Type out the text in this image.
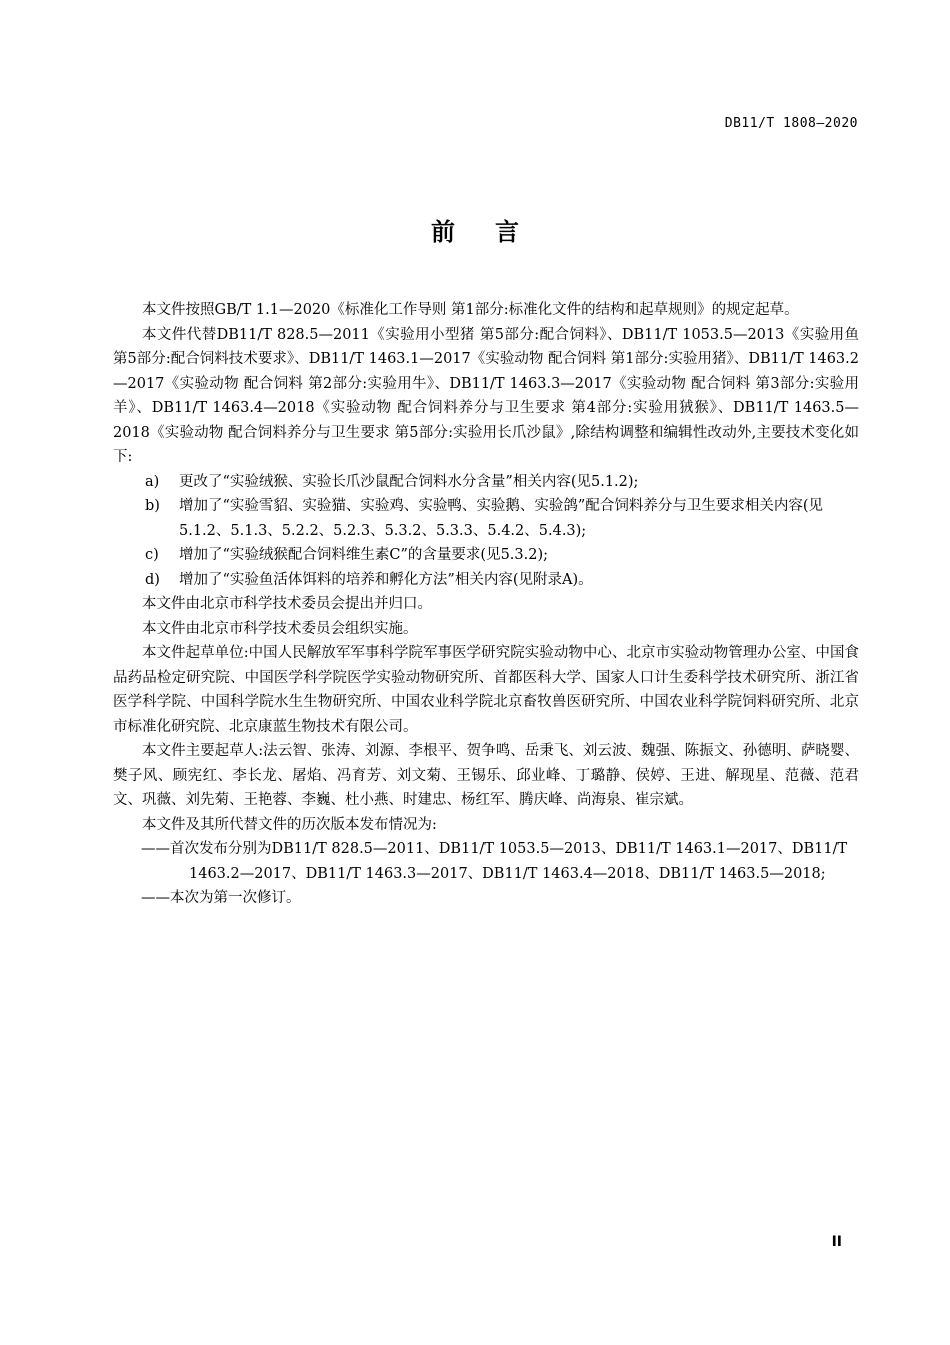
DB11/T 1808—2020
前言

本文件按照GB/T 1.1—2020《标准化工作导则 第1部分:标准化文件的结构和起草规则》的规定起草。

本文件代替DB11/T 828.5—2011《实验用小型猪 第5部分:配合饲料》、DB11/T 1053.5—2013《实验用鱼 第5部分:配合饲料技术要求》、DB11/T 1463.1—2017《实验动物 配合饲料 第1部分:实验用猪》、DB11/T 1463.2—2017《实验动物 配合饲料 第2部分:实验用牛》、DB11/T 1463.3—2017《实验动物 配合饲料 第3部分:实验用羊》、DB11/T 1463.4—2018《实验动物 配合饲料养分与卫生要求 第4部分:实验用狨猴》、DB11/T 1463.5—2018《实验动物 配合饲料养分与卫生要求 第5部分:实验用长爪沙鼠》,除结构调整和编辑性改动外,主要技术变化如下:

a) 更改了“实验绒猴、实验长爪沙鼠配合饲料水分含量”相关内容(见5.1.2);

b) 增加了“实验雪貂、实验猫、实验鸡、实验鸭、实验鹅、实验鸽”配合饲料养分与卫生要求相关内容(见5.1.2、5.1.3、5.2.2、5.2.3、5.3.2、5.3.3、5.4.2、5.4.3);

c) 增加了“实验绒猴配合饲料维生素C”的含量要求(见5.3.2);

d) 增加了“实验鱼活体饵料的培养和孵化方法”相关内容(见附录A)。

本文件由北京市科学技术委员会提出并归口。

本文件由北京市科学技术委员会组织实施。

本文件起草单位:中国人民解放军军事科学院军事医学研究院实验动物中心、北京市实验动物管理办公室、中国食品药品检定研究院、中国医学科学院医学实验动物研究所、首都医科大学、国家人口计生委科学技术研究所、浙江省医学科学院、中国科学院水生生物研究所、中国农业科学院北京畜牧兽医研究所、中国农业科学院饲料研究所、北京市标准化研究院、北京康蓝生物技术有限公司。

本文件主要起草人:法云智、张涛、刘源、李根平、贺争鸣、岳秉飞、刘云波、魏强、陈振文、孙德明、萨晓婴、樊子风、顾宪红、李长龙、屠焰、冯育芳、刘文菊、王锡乐、邱业峰、丁璐静、侯婷、王进、解现星、范薇、范君文、巩薇、刘先菊、王艳蓉、李巍、杜小燕、时建忠、杨红军、腾庆峰、尚海泉、崔宗斌。

本文件及其所代替文件的历次版本发布情况为:

——首次发布分别为DB11/T 828.5—2011、DB11/T 1053.5—2013、DB11/T 1463.1—2017、DB11/T 1463.2—2017、DB11/T 1463.3—2017、DB11/T 1463.4—2018、DB11/T 1463.5—2018;

——本次为第一次修订。

II
